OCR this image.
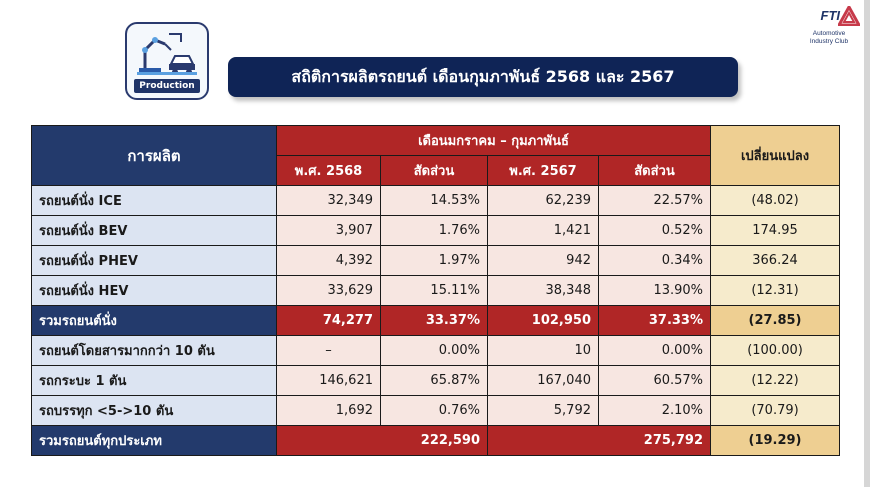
Production	สถิติการผลิตรถยนต์ เดือนกุมภาพันธ์ 2568 และ 2567
FTI
Automotive
Industry Club
การผลิต	เดือนมกราคม – กุมภาพันธ์				เปลี่ยนแปลง
	พ.ศ. 2568	สัดส่วน	พ.ศ. 2567	สัดส่วน	
รถยนต์นั่ง ICE	32,349	14.53%	62,239	22.57%	(48.02)
รถยนต์นั่ง BEV	3,907	1.76%	1,421	0.52%	174.95
รถยนต์นั่ง PHEV	4,392	1.97%	942	0.34%	366.24
รถยนต์นั่ง HEV	33,629	15.11%	38,348	13.90%	(12.31)
รวมรถยนต์นั่ง	74,277	33.37%	102,950	37.33%	(27.85)
รถยนต์โดยสารมากกว่า 10 ตัน	–	0.00%	10	0.00%	(100.00)
รถกระบะ 1 ตัน	146,621	65.87%	167,040	60.57%	(12.22)
รถบรรทุก <5->10 ตัน	1,692	0.76%	5,792	2.10%	(70.79)
รวมรถยนต์ทุกประเภท	222,590		275,792		(19.29)
